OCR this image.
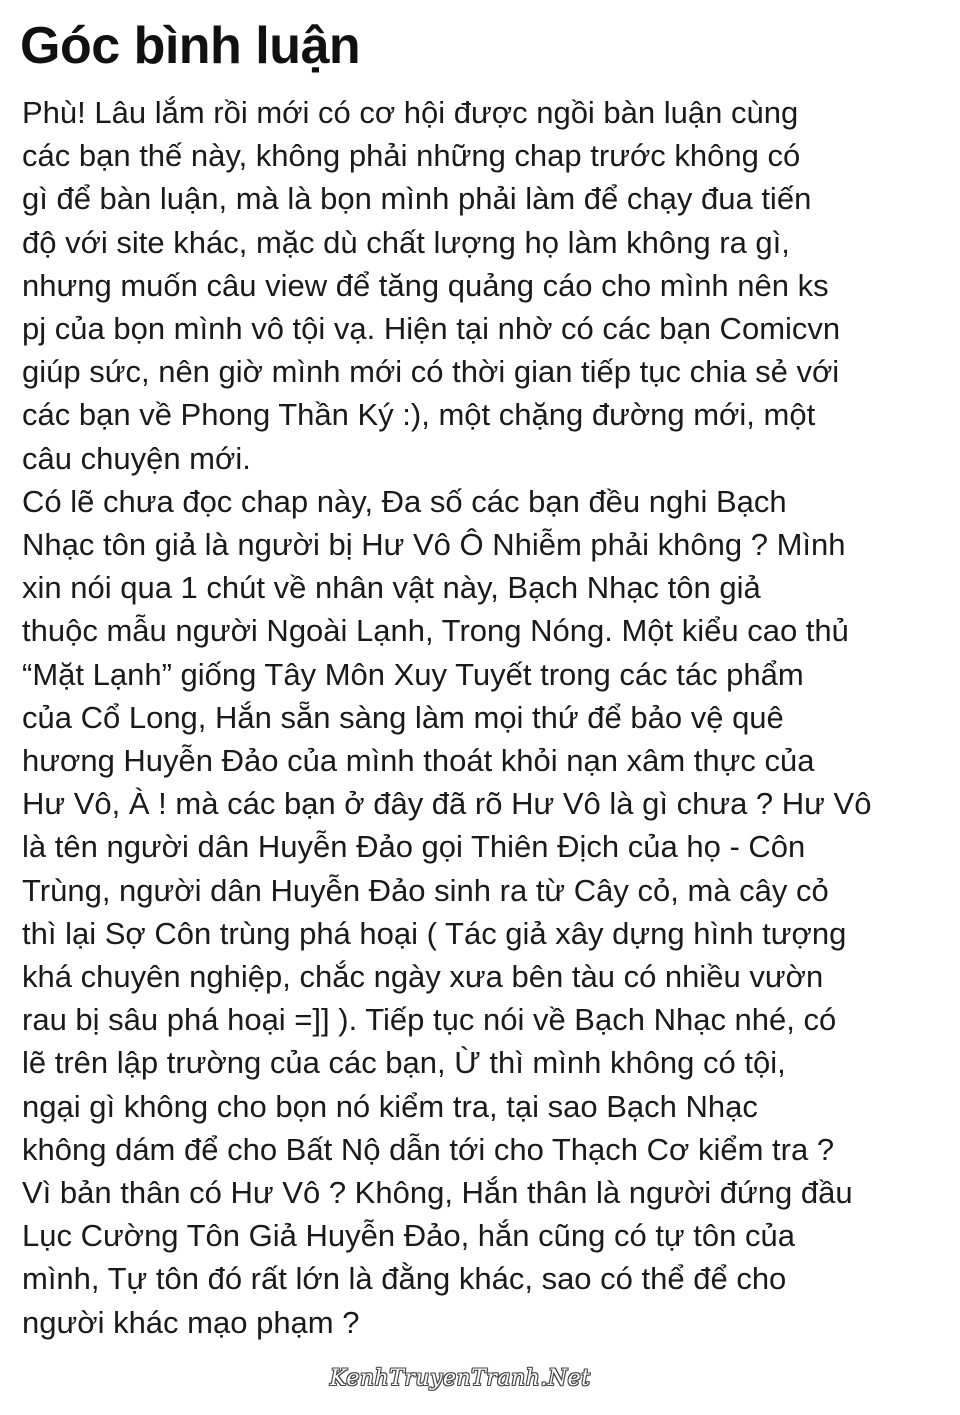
Góc bình luận
Phù! Lâu lắm rồi mới có cơ hội được ngồi bàn luận cùng
các bạn thế này, không phải những chap trước không có
gì để bàn luận, mà là bọn mình phải làm để chạy đua tiến
độ với site khác, mặc dù chất lượng họ làm không ra gì,
nhưng muốn câu view để tăng quảng cáo cho mình nên ks
pj của bọn mình vô tội vạ. Hiện tại nhờ có các bạn Comicvn
giúp sức, nên giờ mình mới có thời gian tiếp tục chia sẻ với
các bạn về Phong Thần Ký :), một chặng đường mới, một
câu chuyện mới.
Có lẽ chưa đọc chap này, Đa số các bạn đều nghi Bạch
Nhạc tôn giả là người bị Hư Vô Ô Nhiễm phải không ? Mình
xin nói qua 1 chút về nhân vật này, Bạch Nhạc tôn giả
thuộc mẫu người Ngoài Lạnh, Trong Nóng. Một kiểu cao thủ
“Mặt Lạnh” giống Tây Môn Xuy Tuyết trong các tác phẩm
của Cổ Long, Hắn sẵn sàng làm mọi thứ để bảo vệ quê
hương Huyễn Đảo của mình thoát khỏi nạn xâm thực của
Hư Vô, À ! mà các bạn ở đây đã rõ Hư Vô là gì chưa ? Hư Vô
là tên người dân Huyễn Đảo gọi Thiên Địch của họ - Côn
Trùng, người dân Huyễn Đảo sinh ra từ Cây cỏ, mà cây cỏ
thì lại Sợ Côn trùng phá hoại ( Tác giả xây dựng hình tượng
khá chuyên nghiệp, chắc ngày xưa bên tàu có nhiều vườn
rau bị sâu phá hoại =]] ). Tiếp tục nói về Bạch Nhạc nhé, có
lẽ trên lập trường của các bạn, Ừ thì mình không có tội,
ngại gì không cho bọn nó kiểm tra, tại sao Bạch Nhạc
không dám để cho Bất Nộ dẫn tới cho Thạch Cơ kiểm tra ?
Vì bản thân có Hư Vô ? Không, Hắn thân là người đứng đầu
Lục Cường Tôn Giả Huyễn Đảo, hắn cũng có tự tôn của
mình, Tự tôn đó rất lớn là đằng khác, sao có thể để cho
người khác mạo phạm ?
KenhTruyenTranh.Net
